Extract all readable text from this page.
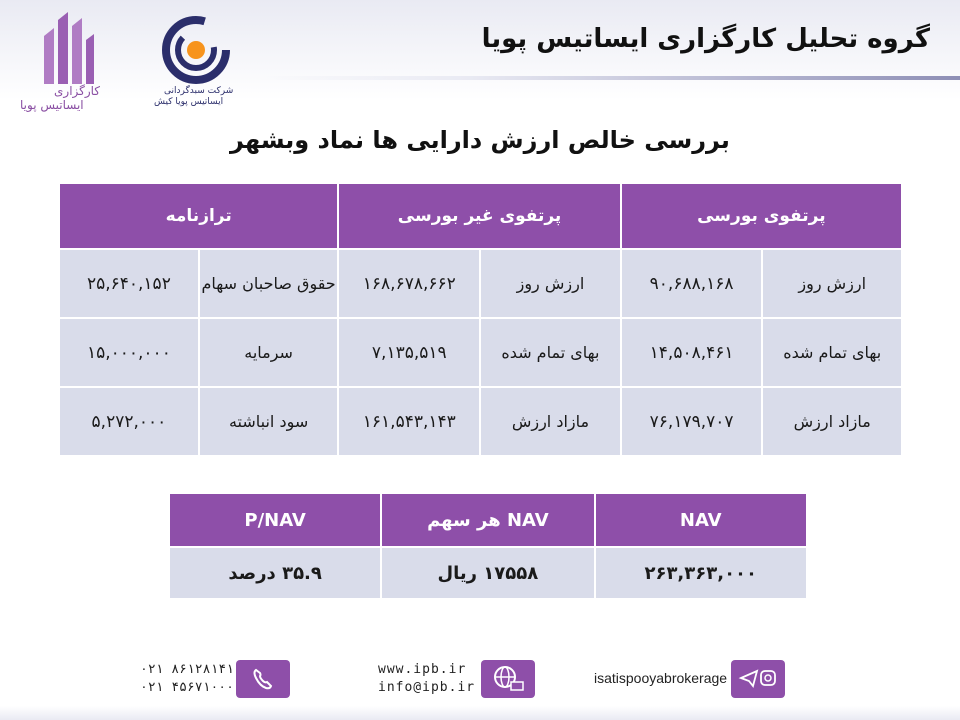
گروه تحلیل کارگزاری ایساتیس پویا
کارگزاری
ایساتیس پویا
شرکت سبدگردانی
ایساتیس پویا کیش
بررسی خالص ارزش دارایی ها نماد وبشهر
پرتفوی بورسی		پرتفوی غیر بورسی		ترازنامه	
ارزش روز	۹۰,۶۸۸,۱۶۸	ارزش روز	۱۶۸,۶۷۸,۶۶۲	حقوق صاحبان سهام	۲۵,۶۴۰,۱۵۲
بهای تمام شده	۱۴,۵۰۸,۴۶۱	بهای تمام شده	۷,۱۳۵,۵۱۹	سرمایه	۱۵,۰۰۰,۰۰۰
مازاد ارزش	۷۶,۱۷۹,۷۰۷	مازاد ارزش	۱۶۱,۵۴۳,۱۴۳	سود انباشته	۵,۲۷۲,۰۰۰
NAV	NAV هر سهم	P/NAV
۲۶۳,۳۶۳,۰۰۰	۱۷۵۵۸ ریال	۳۵.۹ درصد
۰۲۱ ۸۶۱۲۸۱۴۱
۰۲۱ ۴۵۶۷۱۰۰۰
www.ipb.ir
info@ipb.ir
isatispooyabrokerage
